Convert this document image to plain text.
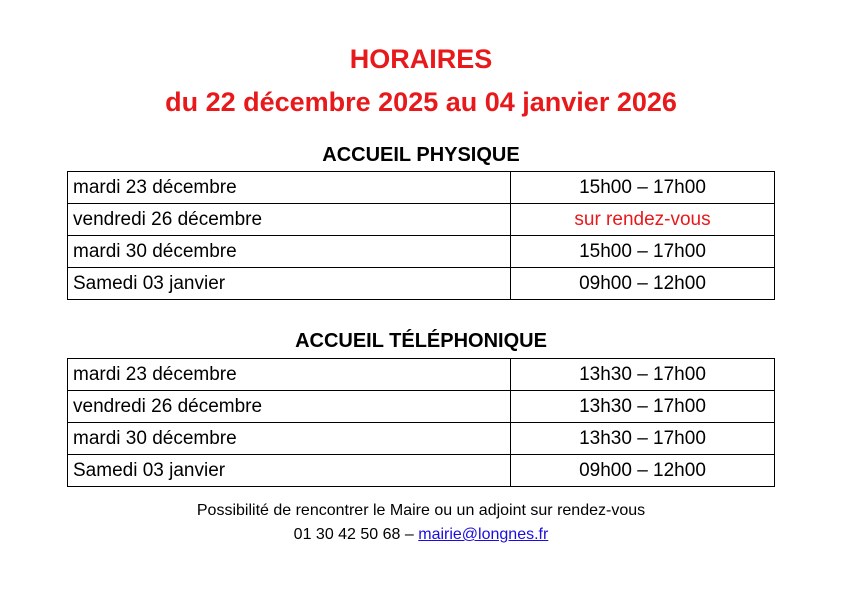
HORAIRES
du 22 décembre 2025 au 04 janvier 2026
ACCUEIL PHYSIQUE
mardi 23 décembre	15h00 – 17h00
vendredi 26 décembre	sur rendez-vous
mardi 30 décembre	15h00 – 17h00
Samedi 03 janvier	09h00 – 12h00
ACCUEIL TÉLÉPHONIQUE
mardi 23 décembre	13h30 – 17h00
vendredi 26 décembre	13h30 – 17h00
mardi 30 décembre	13h30 – 17h00
Samedi 03 janvier	09h00 – 12h00
Possibilité de rencontrer le Maire ou un adjoint sur rendez-vous
01 30 42 50 68 – mairie@longnes.fr
